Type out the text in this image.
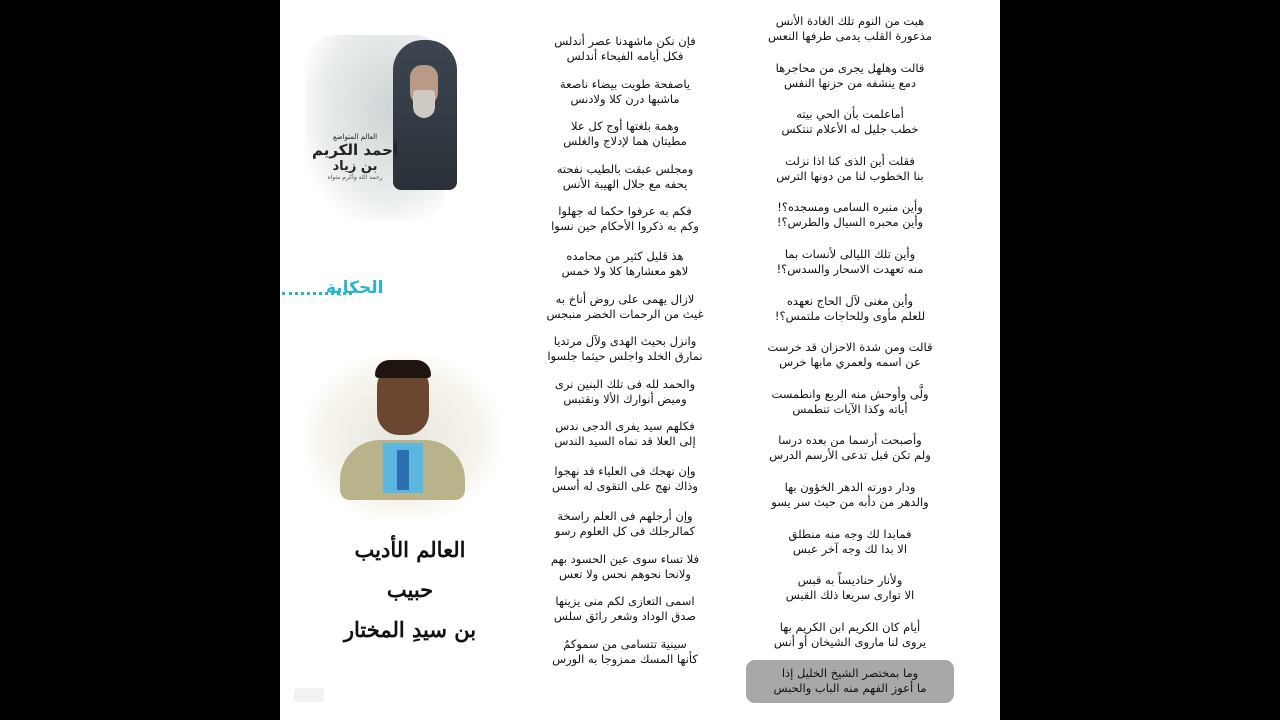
العالم المتواضع
أحمد الكريم
بن زياد
رحمه الله وأكرم مثواه
الحكاية
العالم الأديب
حبيب
بن سيدِ المختار
فإن نكن ماشهدنا عصر أندلس
فكل أيامه الفيحاء أندلس
ياصفحة طويت بيضاء ناصعة
ماشبها درن كلا ولادنس
وهمة بلغتها أوج كل علا
مطيتان هما لإدلاج والغلس
ومجلس عبقت بالطيب نفحته
يحفه مع جلال الهيبة الأنس
فكم به عرفوا حكما له جهلوا
وكم به ذكروا الأحكام حين نسوا
هذ قليل كثير من محامده
لاهو معشارها كلا ولا خمس
لازال يهمى على روض أناخ به
غيث من الرحمات الخضر منبجس
وانزل بحيث الهدى ولآل مرتديا
نمارق الخلد واجلس حيثما جلسوا
والحمد لله فى تلك البنين نرى
وميض أنوارك الألا ونقتبس
فكلهم سيد يفرى الدجى ندس
إلى العلا قد نماه السيد الندس
وإن نهجك فى العلياء قد نهجوا
وذاك نهج على التقوى له أسس
وإن أرجلهم فى العلم راسخة
كمالرجلك فى كل العلوم رسو
فلا تساء سوى عين الحسود بهم
ولانحا نحوهم نحس ولا تعس
اسمى التعازى لكم منى يزينها
صدق الوداد وشعر رائق سلس
سينية تتسامى من سموكمُ
كأنها المسك ممزوجا به الورس
هبت من النوم تلك الغادة الأنس
مذعورة القلب يدمى طرفها النعس
قالت وهلهل يجرى من محاجرها
دمع ينشفه من حزنها النفس
أماعلمت بأن الحي بيته
خطب جليل له الأعلام تنتكس
فقلت أين الذى كنا اذا نزلت
بنا الخطوب لنا من دونها الترس
وأين منبره السامى ومسجده؟!
وأين محبره السيال والطرس؟!
وأين تلك الليالى لأنسات بما
منه تعهدت الاسحار والسدس؟!
وأين مغنى لآل الحاج نعهده
للعلم مأوى وللحاجات ملتمس؟!
قالت ومن شدة الاحزان قد خرست
عن اسمه ولعمري مابها خرس
ولَّى وأوحش منه الربع وانطمست
أياته وكذا الآيات تنطمس
وأصبحت أرسما من بعده درسا
ولم تكن قبل تدعى الأرسم الدرس
ودار دورته الدهر الخؤون بها
والدهر من دأبه من حيث سر يسو
فمابدا لك وجه منه منطلق
الا بدا لك وجه آخر عبس
ولأنار حناديساً به قبس
الا توارى سريعا ذلك القبس
أيام كان الكريم ابن الكريم بها
يروى لنا ماروى الشيخان أو أنس
وما بمختصر الشيخ الخليل إذا
ما أعوز الفهم منه الباب والحبس
